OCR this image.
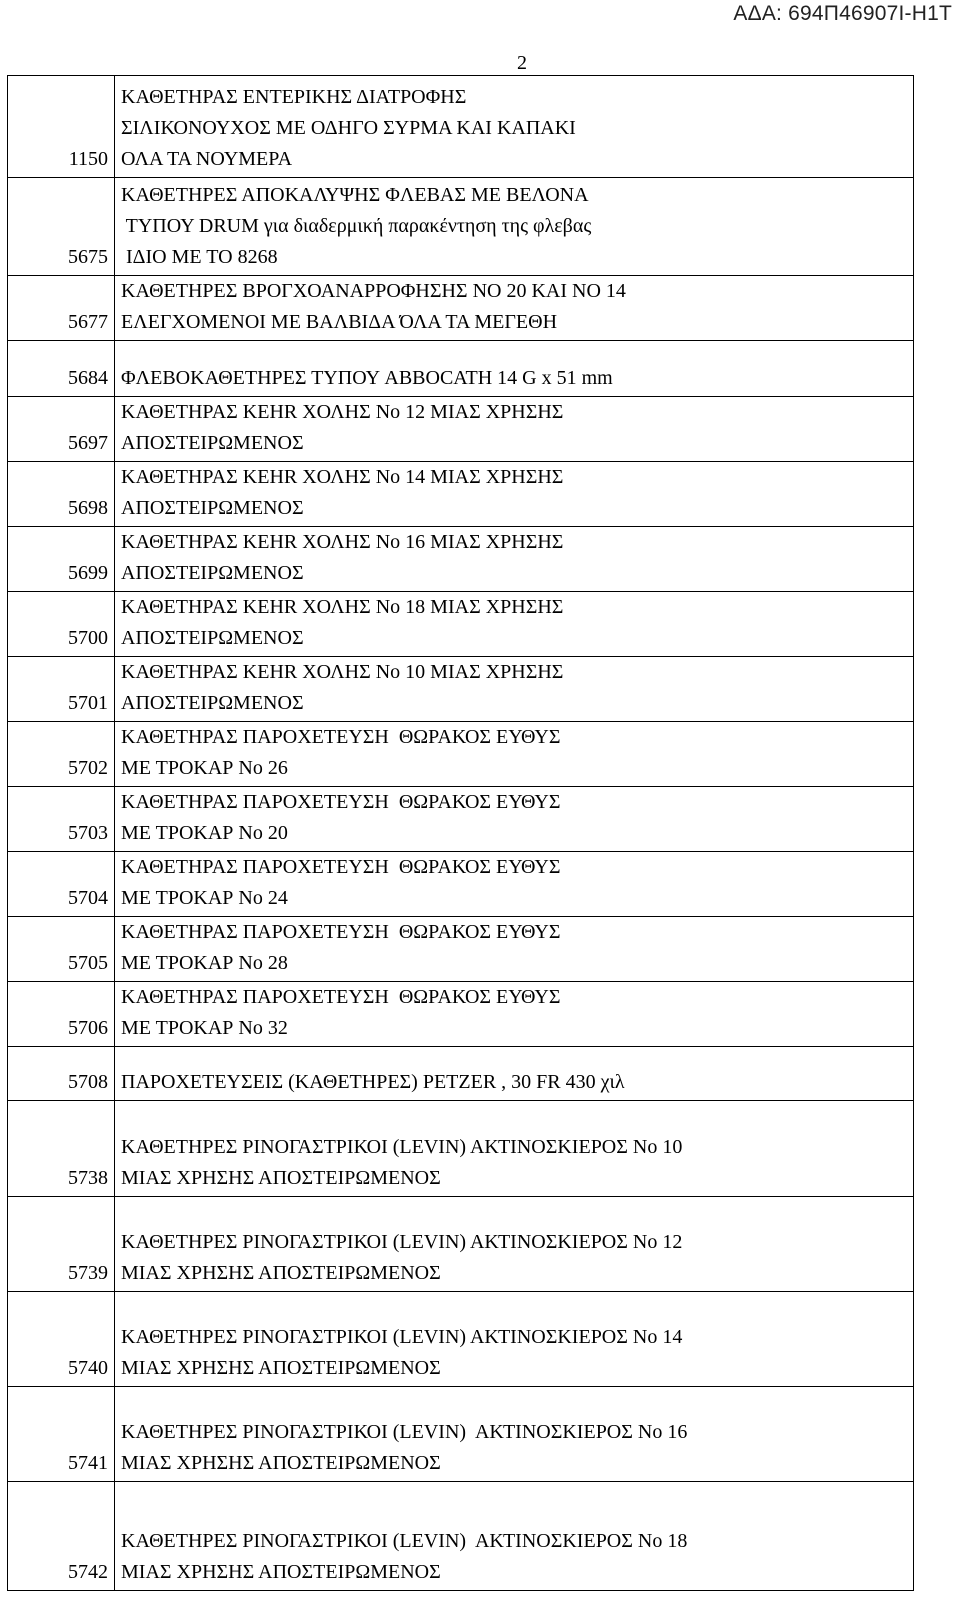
ΑΔΑ: 694Π46907Ι-Η1Τ
2
1150	ΚΑΘΕΤΗΡΑΣ ΕΝΤΕΡΙΚΗΣ ΔΙΑΤΡΟΦΗΣ
ΣΙΛΙΚΟΝΟΥΧΟΣ ΜΕ ΟΔΗΓΟ ΣΥΡΜΑ ΚΑΙ ΚΑΠΑΚΙ
ΟΛΑ ΤΑ ΝΟΥΜΕΡΑ

5675	ΚΑΘΕΤΗΡΕΣ ΑΠΟΚΑΛΥΨΗΣ ΦΛΕΒΑΣ ΜΕ ΒΕΛΟΝΑ
ΤΥΠΟΥ DRUM για διαδερμική παρακέντηση της φλεβας
ΙΔΙΟ ΜΕ ΤΟ 8268

5677	ΚΑΘΕΤΗΡΕΣ ΒΡΟΓΧΟΑΝΑΡΡΟΦΗΣΗΣ ΝΟ 20 ΚΑΙ ΝΟ 14
ΕΛΕΓΧΟΜΕΝΟΙ ΜΕ ΒΑΛΒΙΔΑ ΌΛΑ ΤΑ ΜΕΓΕΘΗ

5684	ΦΛΕΒΟΚΑΘΕΤΗΡΕΣ ΤΥΠΟΥ ABBOCATH 14 G x 51 mm

5697	ΚΑΘΕΤΗΡΑΣ ΚΕΗR ΧΟΛΗΣ Νο 12 ΜΙΑΣ ΧΡΗΣΗΣ
ΑΠΟΣΤΕΙΡΩΜΕΝΟΣ

5698	ΚΑΘΕΤΗΡΑΣ ΚΕΗR ΧΟΛΗΣ Νο 14 ΜΙΑΣ ΧΡΗΣΗΣ
ΑΠΟΣΤΕΙΡΩΜΕΝΟΣ

5699	ΚΑΘΕΤΗΡΑΣ ΚΕΗR ΧΟΛΗΣ Νο 16 ΜΙΑΣ ΧΡΗΣΗΣ
ΑΠΟΣΤΕΙΡΩΜΕΝΟΣ

5700	ΚΑΘΕΤΗΡΑΣ ΚΕΗR ΧΟΛΗΣ Νο 18 ΜΙΑΣ ΧΡΗΣΗΣ
ΑΠΟΣΤΕΙΡΩΜΕΝΟΣ

5701	ΚΑΘΕΤΗΡΑΣ ΚΕΗR ΧΟΛΗΣ Νο 10 ΜΙΑΣ ΧΡΗΣΗΣ
ΑΠΟΣΤΕΙΡΩΜΕΝΟΣ

5702	ΚΑΘΕΤΗΡΑΣ ΠΑΡΟΧΕΤΕΥΣΗ  ΘΩΡΑΚΟΣ ΕΥΘΥΣ
ΜΕ ΤΡΟΚΑΡ Νο 26

5703	ΚΑΘΕΤΗΡΑΣ ΠΑΡΟΧΕΤΕΥΣΗ  ΘΩΡΑΚΟΣ ΕΥΘΥΣ
ΜΕ ΤΡΟΚΑΡ Νο 20

5704	ΚΑΘΕΤΗΡΑΣ ΠΑΡΟΧΕΤΕΥΣΗ  ΘΩΡΑΚΟΣ ΕΥΘΥΣ
ΜΕ ΤΡΟΚΑΡ Νο 24

5705	ΚΑΘΕΤΗΡΑΣ ΠΑΡΟΧΕΤΕΥΣΗ  ΘΩΡΑΚΟΣ ΕΥΘΥΣ
ΜΕ ΤΡΟΚΑΡ Νο 28

5706	ΚΑΘΕΤΗΡΑΣ ΠΑΡΟΧΕΤΕΥΣΗ  ΘΩΡΑΚΟΣ ΕΥΘΥΣ
ΜΕ ΤΡΟΚΑΡ Νο 32

5708	ΠΑΡΟΧΕΤΕΥΣΕΙΣ (ΚΑΘΕΤΗΡΕΣ) PETZER , 30 FR 430 χιλ

5738	ΚΑΘΕΤΗΡΕΣ ΡΙΝΟΓΑΣΤΡΙΚΟΙ (LEVIN) ΑΚΤΙΝΟΣΚΙΕΡΟΣ Νο 10
ΜΙΑΣ ΧΡΗΣΗΣ ΑΠΟΣΤΕΙΡΩΜΕΝΟΣ

5739	ΚΑΘΕΤΗΡΕΣ ΡΙΝΟΓΑΣΤΡΙΚΟΙ (LEVIN) ΑΚΤΙΝΟΣΚΙΕΡΟΣ Νο 12
ΜΙΑΣ ΧΡΗΣΗΣ ΑΠΟΣΤΕΙΡΩΜΕΝΟΣ

5740	ΚΑΘΕΤΗΡΕΣ ΡΙΝΟΓΑΣΤΡΙΚΟΙ (LEVIN) ΑΚΤΙΝΟΣΚΙΕΡΟΣ Νο 14
ΜΙΑΣ ΧΡΗΣΗΣ ΑΠΟΣΤΕΙΡΩΜΕΝΟΣ

5741	ΚΑΘΕΤΗΡΕΣ ΡΙΝΟΓΑΣΤΡΙΚΟΙ (LEVIN)  ΑΚΤΙΝΟΣΚΙΕΡΟΣ Νο 16
ΜΙΑΣ ΧΡΗΣΗΣ ΑΠΟΣΤΕΙΡΩΜΕΝΟΣ

5742	ΚΑΘΕΤΗΡΕΣ ΡΙΝΟΓΑΣΤΡΙΚΟΙ (LEVIN)  ΑΚΤΙΝΟΣΚΙΕΡΟΣ Νο 18
ΜΙΑΣ ΧΡΗΣΗΣ ΑΠΟΣΤΕΙΡΩΜΕΝΟΣ
